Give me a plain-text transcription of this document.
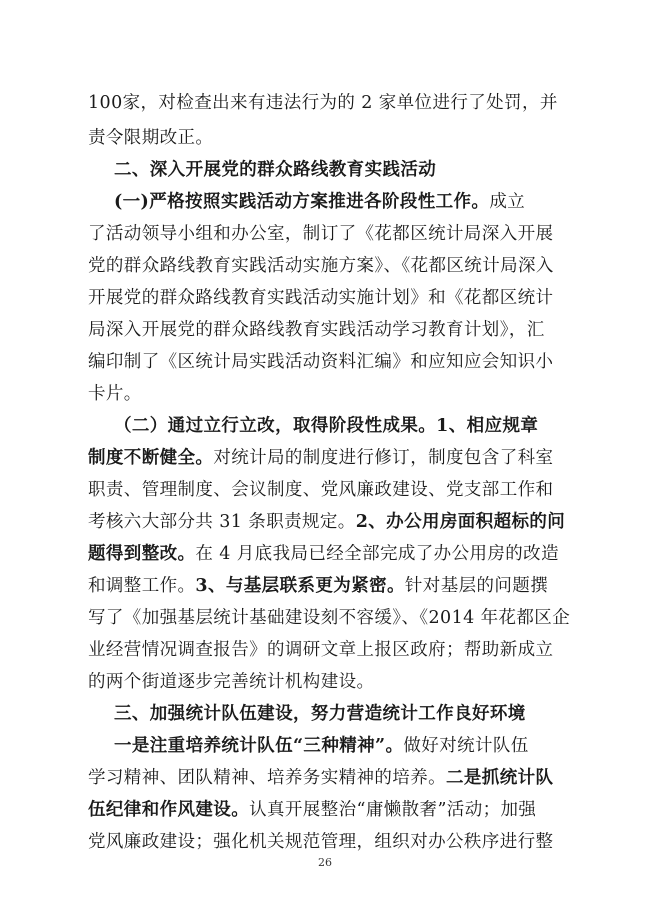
100家，对检查出来有违法行为的 2 家单位进行了处罚，并
责令限期改正。
二、深入开展党的群众路线教育实践活动
(一)严格按照实践活动方案推进各阶段性工作。成立
了活动领导小组和办公室，制订了《花都区统计局深入开展
党的群众路线教育实践活动实施方案》、《花都区统计局深入
开展党的群众路线教育实践活动实施计划》和《花都区统计
局深入开展党的群众路线教育实践活动学习教育计划》，汇
编印制了《区统计局实践活动资料汇编》和应知应会知识小
卡片。
（二）通过立行立改，取得阶段性成果。1、相应规章
制度不断健全。对统计局的制度进行修订，制度包含了科室
职责、管理制度、会议制度、党风廉政建设、党支部工作和
考核六大部分共 31 条职责规定。2、办公用房面积超标的问
题得到整改。在 4 月底我局已经全部完成了办公用房的改造
和调整工作。3、与基层联系更为紧密。针对基层的问题撰
写了《加强基层统计基础建设刻不容缓》、《2014 年花都区企
业经营情况调查报告》的调研文章上报区政府；帮助新成立
的两个街道逐步完善统计机构建设。
三、加强统计队伍建设，努力营造统计工作良好环境
一是注重培养统计队伍“三种精神”。做好对统计队伍
学习精神、团队精神、培养务实精神的培养。二是抓统计队
伍纪律和作风建设。认真开展整治“庸懒散奢”活动；加强
党风廉政建设；强化机关规范管理，组织对办公秩序进行整
26
